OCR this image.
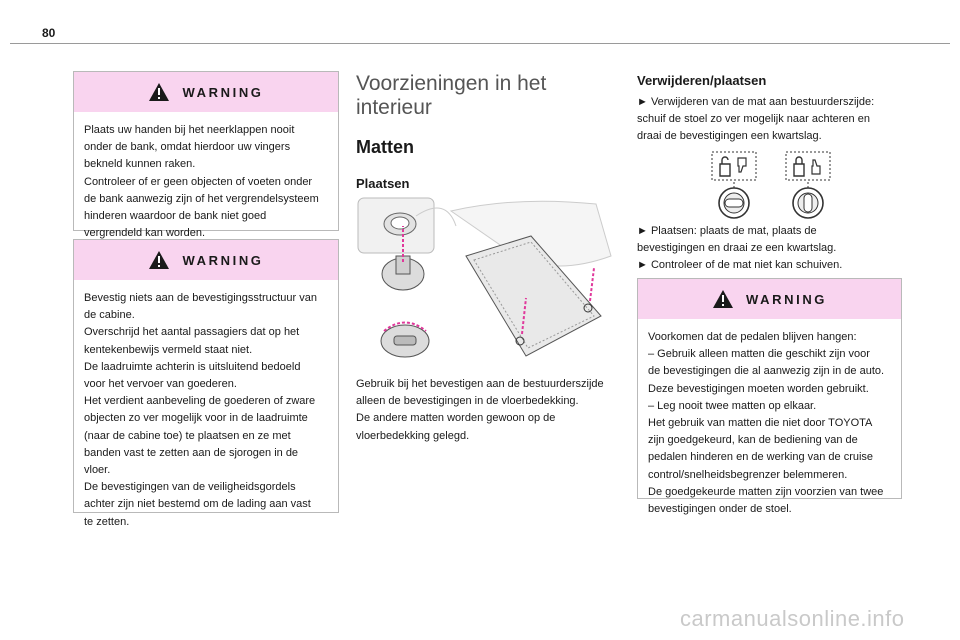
80
WARNING

Plaats uw handen bij het neerklappen nooit

onder de bank, omdat hierdoor uw vingers

bekneld kunnen raken.

Controleer of er geen objecten of voeten onder

de bank aanwezig zijn of het vergrendelsysteem

hinderen waardoor de bank niet goed

vergrendeld kan worden.

WARNING

Bevestig niets aan de bevestigingsstructuur van

de cabine.

Overschrijd het aantal passagiers dat op het

kentekenbewijs vermeld staat niet.

De laadruimte achterin is uitsluitend bedoeld

voor het vervoer van goederen.

Het verdient aanbeveling de goederen of zware

objecten zo ver mogelijk voor in de laadruimte

(naar de cabine toe) te plaatsen en ze met

banden vast te zetten aan de sjorogen in de

vloer.

De bevestigingen van de veiligheidsgordels

achter zijn niet bestemd om de lading aan vast

te zetten.

Voorzieningen in het interieur
Matten
Plaatsen

Gebruik bij het bevestigen aan de bestuurderszijde

alleen de bevestigingen in de vloerbedekking.

De andere matten worden gewoon op de

vloerbedekking gelegd.

Verwijderen/plaatsen

► Verwijderen van de mat aan bestuurderszijde:

schuif de stoel zo ver mogelijk naar achteren en

draai de bevestigingen een kwartslag.

► Plaatsen: plaats de mat, plaats de

bevestigingen en draai ze een kwartslag.

► Controleer of de mat niet kan schuiven.

WARNING

Voorkomen dat de pedalen blijven hangen:

– Gebruik alleen matten die geschikt zijn voor

de bevestigingen die al aanwezig zijn in de auto.

Deze bevestigingen moeten worden gebruikt.

– Leg nooit twee matten op elkaar.

Het gebruik van matten die niet door TOYOTA

zijn goedgekeurd, kan de bediening van de

pedalen hinderen en de werking van de cruise

control/snelheidsbegrenzer belemmeren.

De goedgekeurde matten zijn voorzien van twee

bevestigingen onder de stoel.

carmanualsonline.info
